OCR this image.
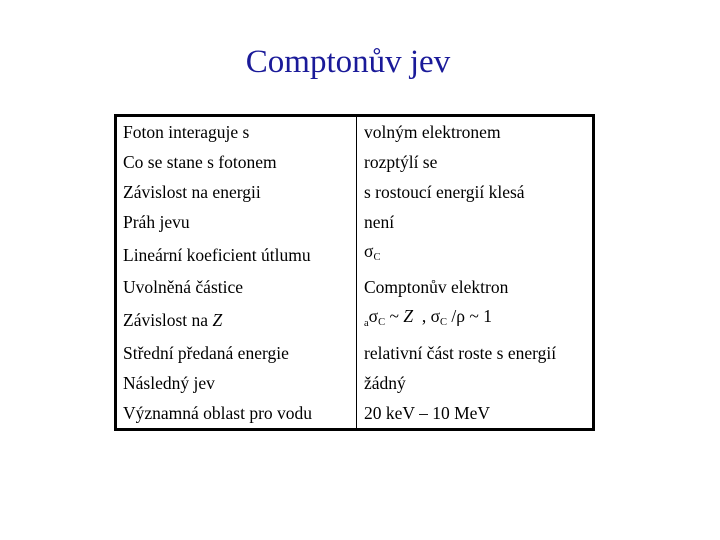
Comptonův jev
Foton interaguje s	volným elektronem
Co se stane s fotonem	rozptýlí se
Závislost na energii	s rostoucí energií klesá
Práh jevu	není
Lineární koeficient útlumu	$\sigma_C$
Uvolněná částice	Comptonův elektron
Závislost na Z	$_a\sigma_C$ ~ Z  , $\sigma_C$ /ρ ~ 1
Střední předaná energie	relativní část roste s energií
Následný jev	žádný
Významná oblast pro vodu	20 keV – 10 MeV
